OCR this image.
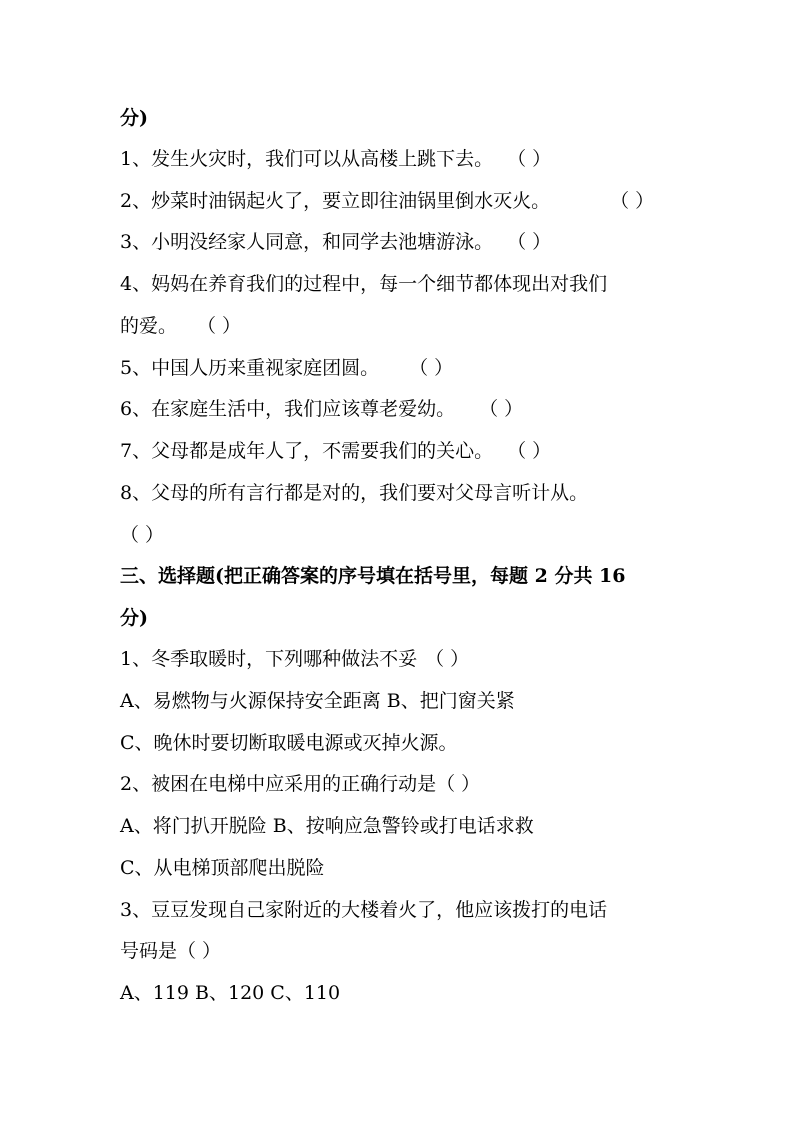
分)
1、发生火灾时，我们可以从高楼上跳下去。 （ ）
2、炒菜时油锅起火了，要立即往油锅里倒水灭火。	（ ）
3、小明没经家人同意，和同学去池塘游泳。 （ ）
4、妈妈在养育我们的过程中，每一个细节都体现出对我们
的爱。 （ ）
5、中国人历来重视家庭团圆。 （ ）
6、在家庭生活中，我们应该尊老爱幼。 （ ）
7、父母都是成年人了，不需要我们的关心。 （ ）
8、父母的所有言行都是对的，我们要对父母言听计从。
（ ）
三、选择题(把正确答案的序号填在括号里，每题 2 分共 16
分)
1、冬季取暖时，下列哪种做法不妥 （ ）
A、易燃物与火源保持安全距离 B、把门窗关紧
C、晚休时要切断取暖电源或灭掉火源。
2、被困在电梯中应采用的正确行动是（ ）
A、将门扒开脱险 B、按响应急警铃或打电话求救
C、从电梯顶部爬出脱险
3、豆豆发现自己家附近的大楼着火了，他应该拨打的电话
号码是（ ）
A、119 B、120 C、110
